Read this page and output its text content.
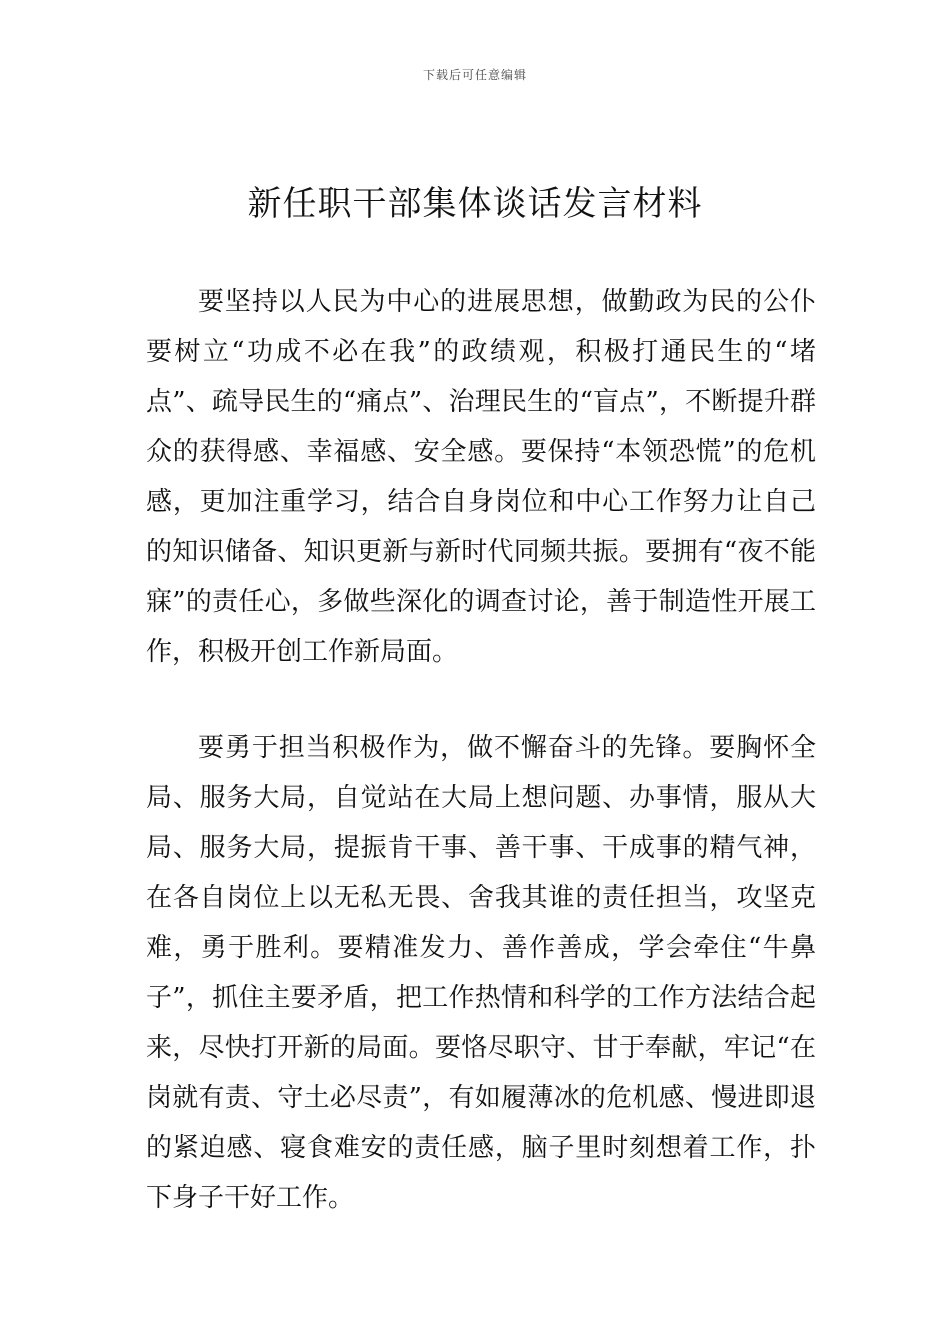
下载后可任意编辑
新任职干部集体谈话发言材料

要坚持以人民为中心的进展思想，做勤政为民的公仆要树立“功成不必在我”的政绩观，积极打通民生的“堵点”、疏导民生的“痛点”、治理民生的“盲点”，不断提升群众的获得感、幸福感、安全感。要保持“本领恐慌”的危机感，更加注重学习，结合自身岗位和中心工作努力让自己的知识储备、知识更新与新时代同频共振。要拥有“夜不能寐”的责任心，多做些深化的调查讨论，善于制造性开展工作，积极开创工作新局面。

要勇于担当积极作为，做不懈奋斗的先锋。要胸怀全局、服务大局，自觉站在大局上想问题、办事情，服从大局、服务大局，提振肯干事、善干事、干成事的精气神，在各自岗位上以无私无畏、舍我其谁的责任担当，攻坚克难，勇于胜利。要精准发力、善作善成，学会牵住“牛鼻子”，抓住主要矛盾，把工作热情和科学的工作方法结合起来，尽快打开新的局面。要恪尽职守、甘于奉献，牢记“在岗就有责、守土必尽责”，有如履薄冰的危机感、慢进即退的紧迫感、寝食难安的责任感，脑子里时刻想着工作，扑下身子干好工作。
